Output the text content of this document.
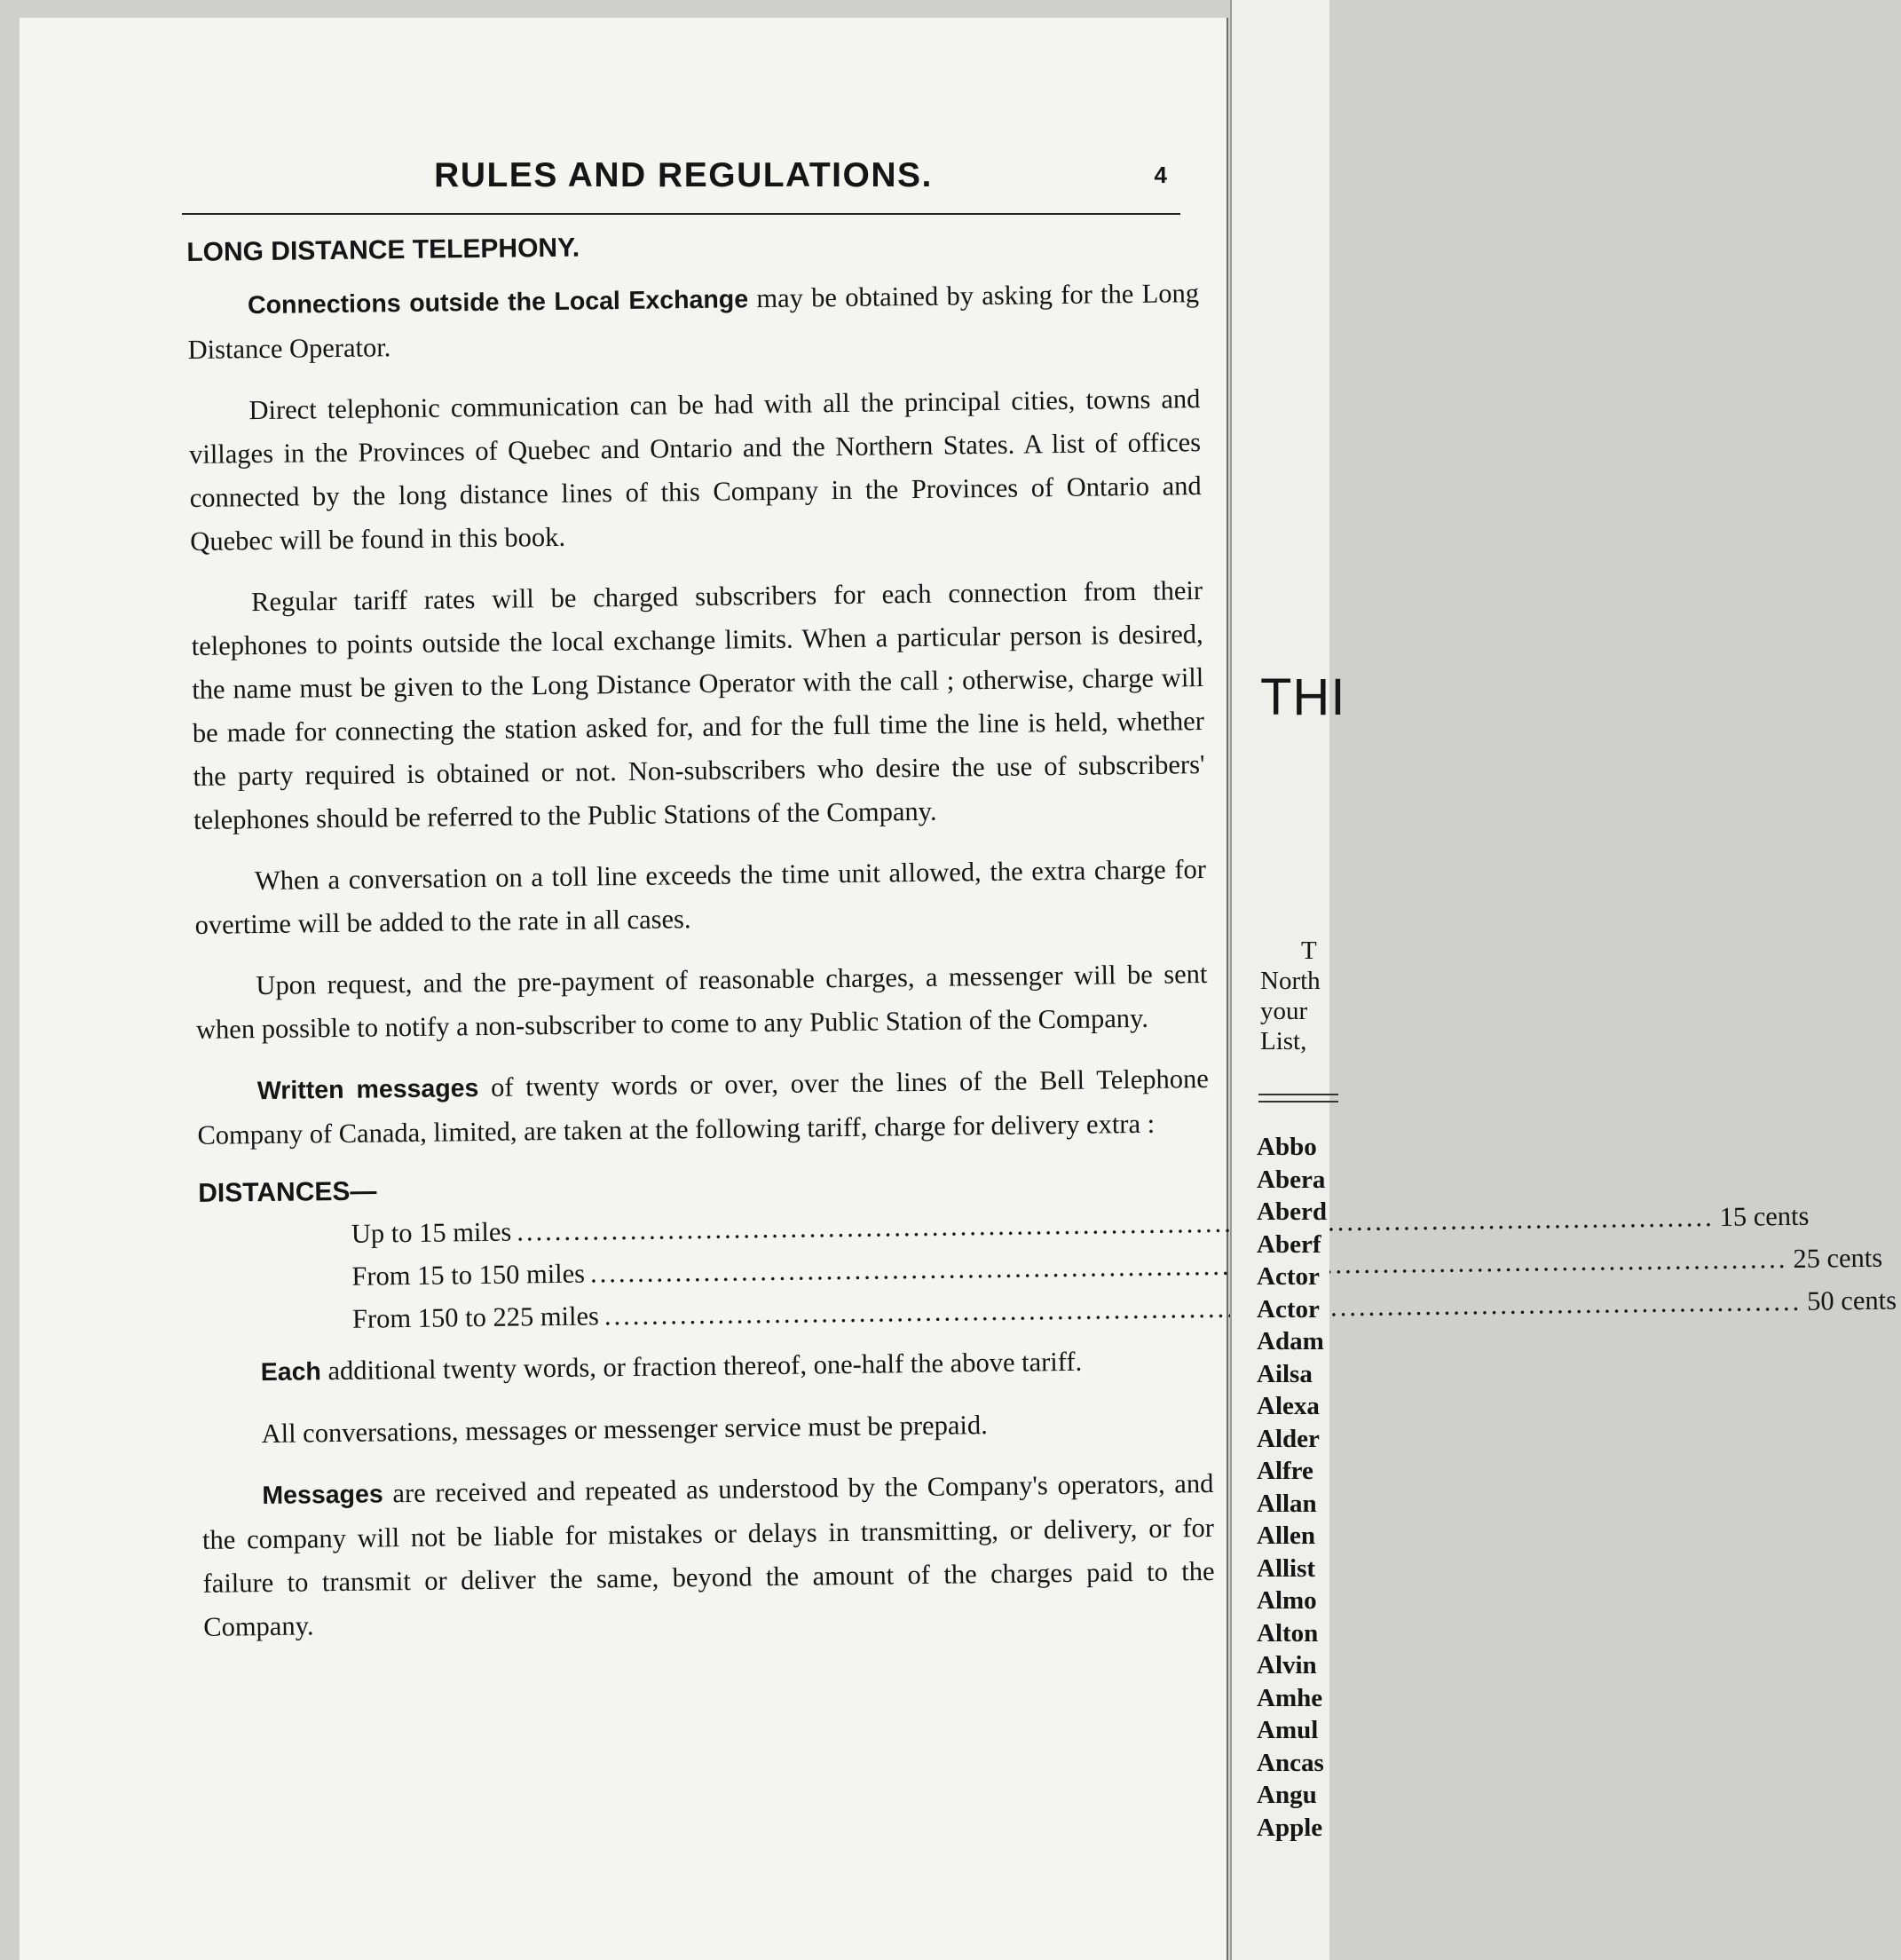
RULES AND REGULATIONS.	4
LONG DISTANCE TELEPHONY.

Connections outside the Local Exchange may be obtained by asking for the Long Distance Operator.

Direct telephonic communication can be had with all the principal cities, towns and villages in the Provinces of Quebec and Ontario and the Northern States. A list of offices connected by the long distance lines of this Company in the Provinces of Ontario and Quebec will be found in this book.

Regular tariff rates will be charged subscribers for each connection from their telephones to points outside the local exchange limits. When a particular person is desired, the name must be given to the Long Distance Operator with the call ; otherwise, charge will be made for connecting the station asked for, and for the full time the line is held, whether the party required is obtained or not. Non-subscribers who desire the use of subscribers' telephones should be referred to the Public Stations of the Company.

When a conversation on a toll line exceeds the time unit allowed, the extra charge for overtime will be added to the rate in all cases.

Upon request, and the pre-payment of reasonable charges, a messenger will be sent when possible to notify a non-subscriber to come to any Public Station of the Company.

Written messages of twenty words or over, over the lines of the Bell Telephone Company of Canada, limited, are taken at the following tariff, charge for delivery extra :

DISTANCES—
Up to 15 miles
.....
15 cents
From 15 to 150 miles
.....
25 cents
From 150 to 225 miles
.....
50 cents

Each additional twenty words, or fraction thereof, one-half the above tariff.

All conversations, messages or messenger service must be prepaid.

Messages are received and repeated as understood by the Company's operators, and the company will not be liable for mistakes or delays in transmitting, or delivery, or for failure to transmit or deliver the same, beyond the amount of the charges paid to the Company.

THI
T
North
your
List,
Abbo
Abera
Aberd
Aberf
Actor
Actor
Adam
Ailsa
Alexa
Alder
Alfre
Allan
Allen
Allist
Almo
Alton
Alvin
Amhe
Amul
Ancas
Angu
Apple
